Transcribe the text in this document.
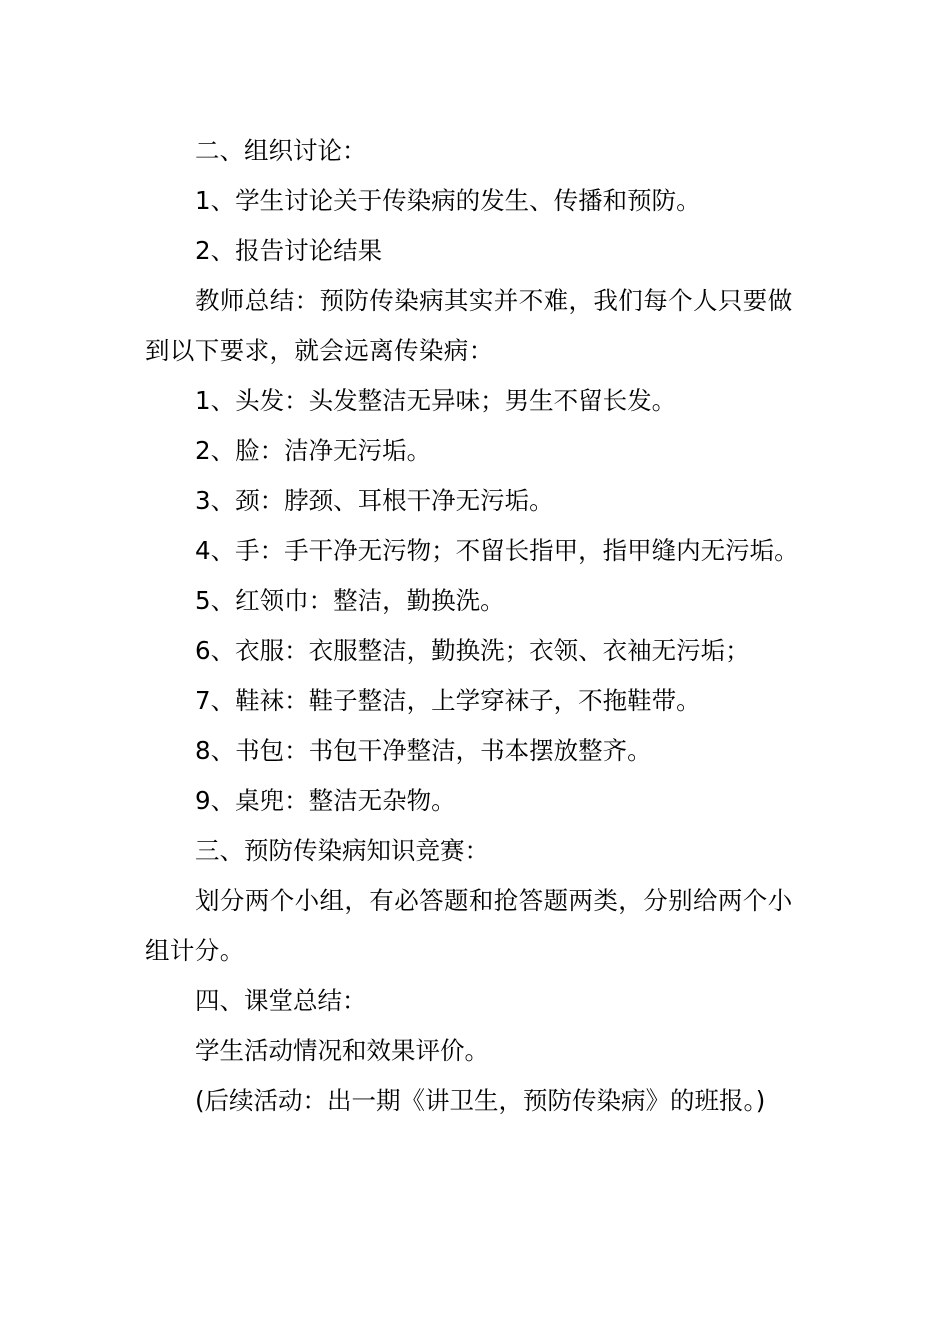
二、组织讨论：

1、学生讨论关于传染病的发生、传播和预防。

2、报告讨论结果

教师总结：预防传染病其实并不难，我们每个人只要做到以下要求，就会远离传染病：

1、头发：头发整洁无异味；男生不留长发。

2、脸：洁净无污垢。

3、颈：脖颈、耳根干净无污垢。

4、手：手干净无污物；不留长指甲，指甲缝内无污垢。

5、红领巾：整洁，勤换洗。

6、衣服：衣服整洁，勤换洗；衣领、衣袖无污垢；

7、鞋袜：鞋子整洁，上学穿袜子，不拖鞋带。

8、书包：书包干净整洁，书本摆放整齐。

9、桌兜：整洁无杂物。

三、预防传染病知识竞赛：

划分两个小组，有必答题和抢答题两类，分别给两个小组计分。

四、课堂总结：

学生活动情况和效果评价。

(后续活动：出一期《讲卫生，预防传染病》的班报。)
